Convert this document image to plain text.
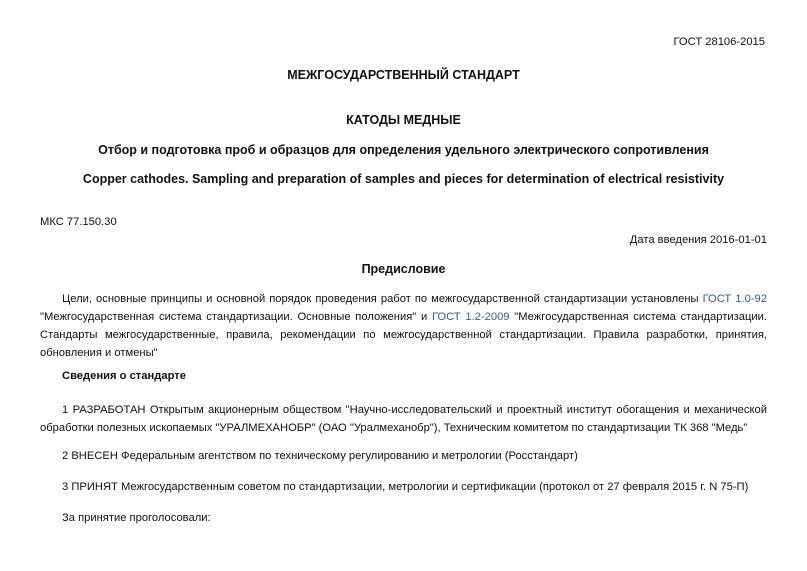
ГОСТ 28106-2015
МЕЖГОСУДАРСТВЕННЫЙ СТАНДАРТ
КАТОДЫ МЕДНЫЕ
Отбор и подготовка проб и образцов для определения удельного электрического сопротивления
Copper cathodes. Sampling and preparation of samples and pieces for determination of electrical resistivity
МКС 77.150.30
Дата введения 2016-01-01
Предисловие
Цели, основные принципы и основной порядок проведения работ по межгосударственной стандартизации установлены ГОСТ 1.0-92 "Межгосударственная система стандартизации. Основные положения" и ГОСТ 1.2-2009 "Межгосударственная система стандартизации. Стандарты межгосударственные, правила, рекомендации по межгосударственной стандартизации. Правила разработки, принятия, обновления и отмены"
Сведения о стандарте
1 РАЗРАБОТАН Открытым акционерным обществом "Научно-исследовательский и проектный институт обогащения и механической обработки полезных ископаемых "УРАЛМЕХАНОБР" (ОАО "Уралмеханобр"), Техническим комитетом по стандартизации ТК 368 "Медь"
2 ВНЕСЕН Федеральным агентством по техническому регулированию и метрологии (Росстандарт)
3 ПРИНЯТ Межгосударственным советом по стандартизации, метрологии и сертификации (протокол от 27 февраля 2015 г. N 75-П)
За принятие проголосовали:
